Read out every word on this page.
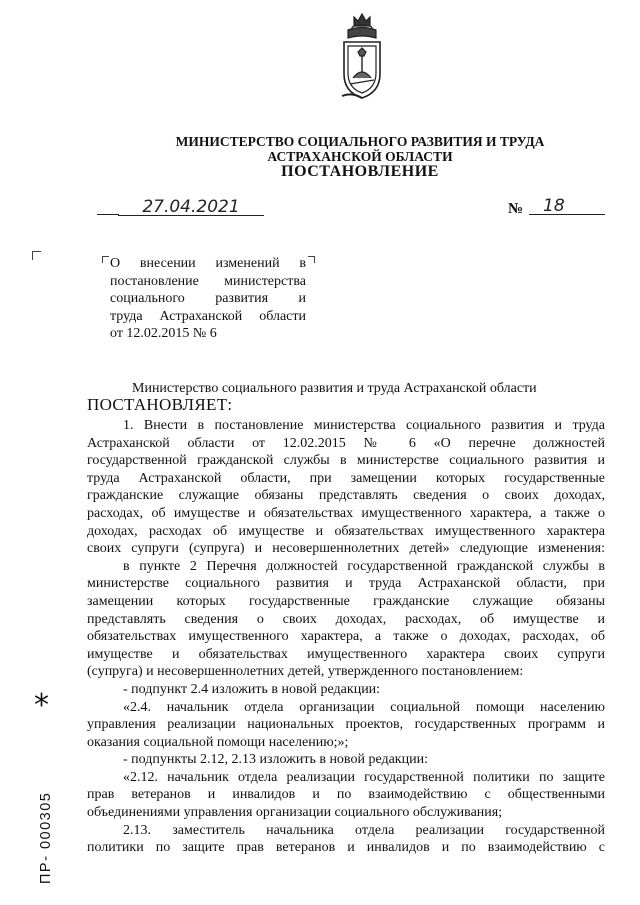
МИНИСТЕРСТВО СОЦИАЛЬНОГО РАЗВИТИЯ И ТРУДА
АСТРАХАНСКОЙ ОБЛАСТИ
ПОСТАНОВЛЕНИЕ
27.04.2021	№	18
О внесении изменений в
постановление министерства
социального развития и
труда Астраханской области
от 12.02.2015 № 6
Министерство социального развития и труда Астраханской области
ПОСТАНОВЛЯЕТ:
1. Внести в постановление министерства социального развития и труда
Астраханской области от 12.02.2015 № 6 «О перечне должностей
государственной гражданской службы в министерстве социального развития и
труда Астраханской области, при замещении которых государственные
гражданские служащие обязаны представлять сведения о своих доходах,
расходах, об имуществе и обязательствах имущественного характера, а также о
доходах, расходах об имуществе и обязательствах имущественного характера
своих супруги (супруга) и несовершеннолетних детей» следующие изменения:
в пункте 2 Перечня должностей государственной гражданской службы в
министерстве социального развития и труда Астраханской области, при
замещении которых государственные гражданские служащие обязаны
представлять сведения о своих доходах, расходах, об имуществе и
обязательствах имущественного характера, а также о доходах, расходах, об
имуществе и обязательствах имущественного характера своих супруги
(супруга) и несовершеннолетних детей, утвержденного постановлением:
- подпункт 2.4 изложить в новой редакции:
«2.4. начальник отдела организации социальной помощи населению
управления реализации национальных проектов, государственных программ и
оказания социальной помощи населению;»;
- подпункты 2.12, 2.13 изложить в новой редакции:
«2.12. начальник отдела реализации государственной политики по защите
прав ветеранов и инвалидов и по взаимодействию с общественными
объединениями управления организации социального обслуживания;
2.13. заместитель начальника отдела реализации государственной
политики по защите прав ветеранов и инвалидов и по взаимодействию с
*
ПР- 000305
